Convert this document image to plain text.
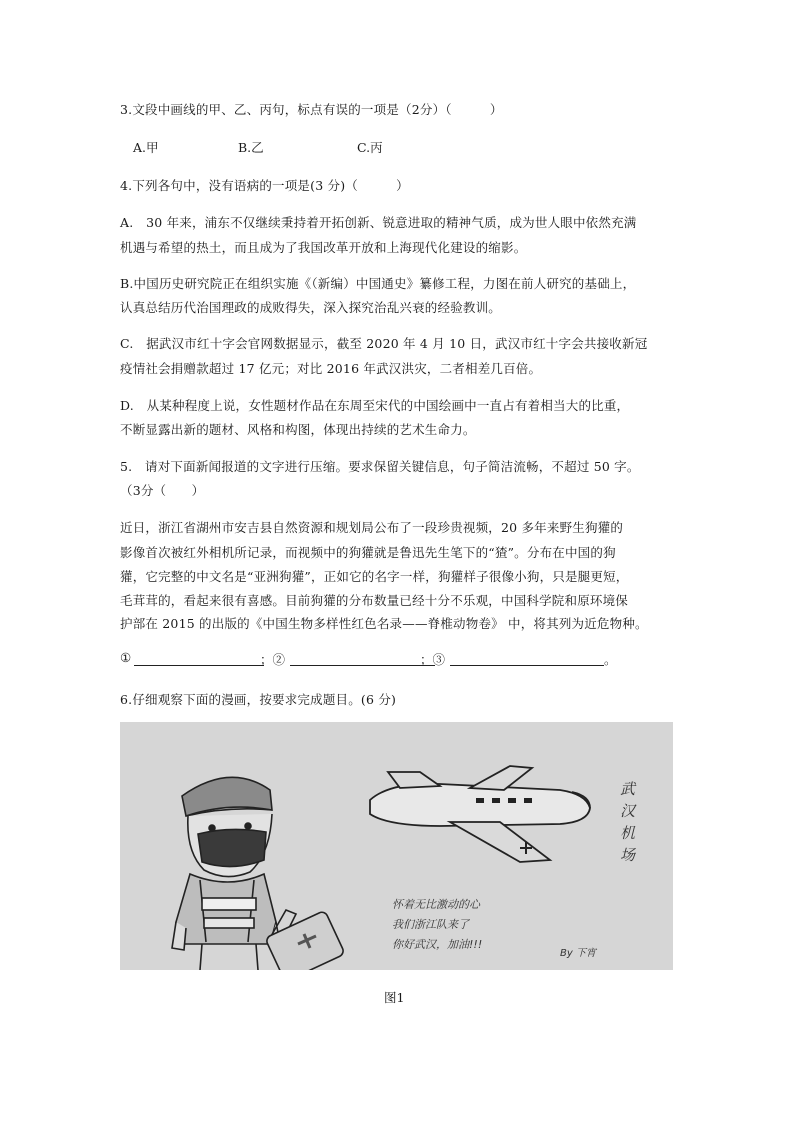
3.文段中画线的甲、乙、丙句，标点有误的一项是（2分）（　　　）
A.甲	B.乙	C.丙
4.下列各句中，没有语病的一项是(3 分)（　　　）
A.　30 年来，浦东不仅继续秉持着开拓创新、锐意进取的精神气质，成为世人眼中依然充满
机遇与希望的热土，而且成为了我国改革开放和上海现代化建设的缩影。
B.中国历史研究院正在组织实施《（新编）中国通史》纂修工程，力图在前人研究的基础上，
认真总结历代治国理政的成败得失，深入探究治乱兴衰的经验教训。
C.　据武汉市红十字会官网数据显示，截至 2020 年 4 月 10 日，武汉市红十字会共接收新冠
疫情社会捐赠款超过 17 亿元；对比 2016 年武汉洪灾，二者相差几百倍。
D.　从某种程度上说，女性题材作品在东周至宋代的中国绘画中一直占有着相当大的比重，
不断显露出新的题材、风格和构图，体现出持续的艺术生命力。
5.　请对下面新闻报道的文字进行压缩。要求保留关键信息，句子简洁流畅，不超过 50 字。
（3分（　　）
近日，浙江省湖州市安吉县自然资源和规划局公布了一段珍贵视频，20 多年来野生狗獾的
影像首次被红外相机所记录，而视频中的狗獾就是鲁迅先生笔下的“猹”。分布在中国的狗
獾，它完整的中文名是“亚洲狗獾”，正如它的名字一样，狗獾样子很像小狗，只是腿更短，
毛茸茸的，看起来很有喜感。目前狗獾的分布数量已经十分不乐观，中国科学院和原环境保
护部在 2015 的出版的《中国生物多样性红色名录——脊椎动物卷》 中，将其列为近危物种。
①	；②	；③	。
6.仔细观察下面的漫画，按要求完成题目。(6 分)
武
汉
机
场
怀着无比激动的心
我们浙江队来了
你好武汉，加油!!!
By 下宵
图1
